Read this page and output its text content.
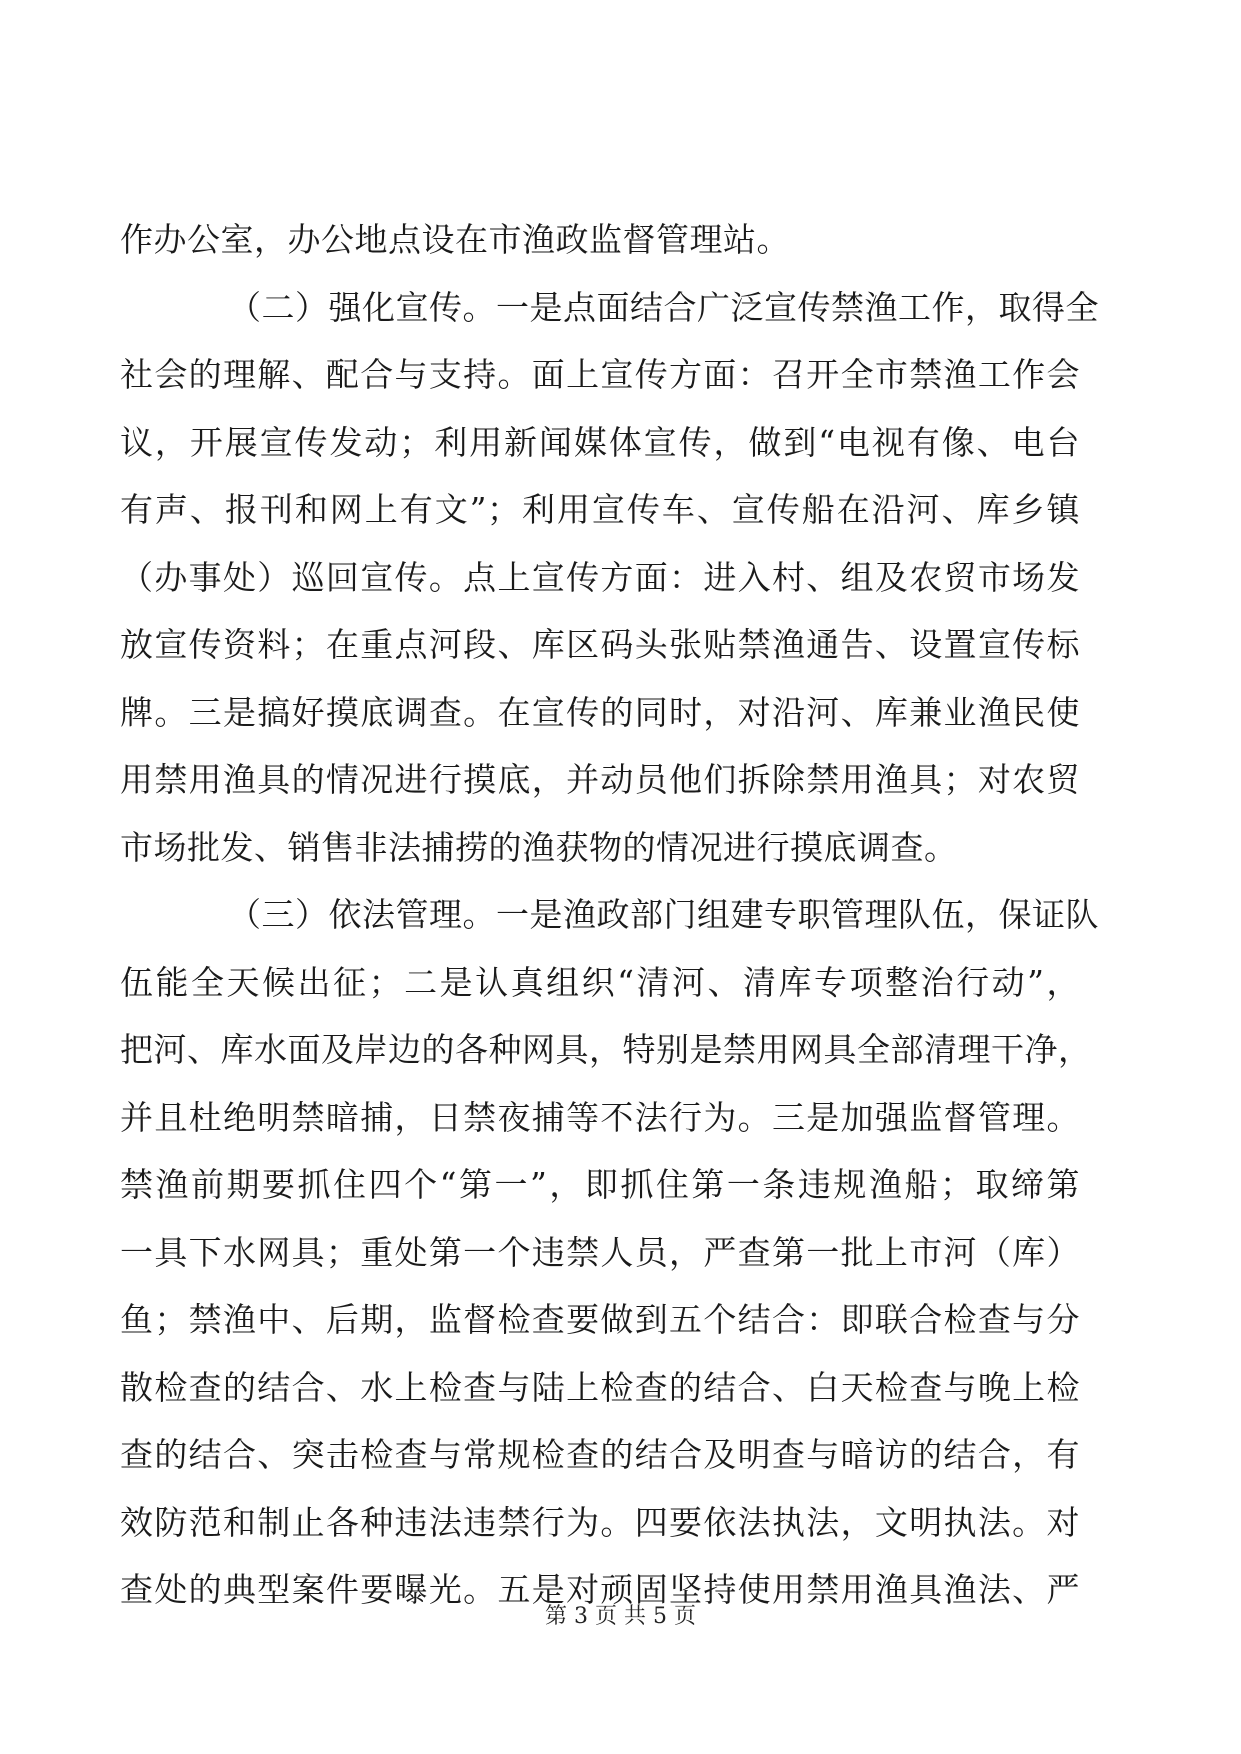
作办公室，办公地点设在市渔政监督管理站。
（二）强化宣传。一是点面结合广泛宣传禁渔工作，取得全
社会的理解、配合与支持。面上宣传方面：召开全市禁渔工作会
议，开展宣传发动；利用新闻媒体宣传，做到“电视有像、电台
有声、报刊和网上有文”；利用宣传车、宣传船在沿河、库乡镇
（办事处）巡回宣传。点上宣传方面：进入村、组及农贸市场发
放宣传资料；在重点河段、库区码头张贴禁渔通告、设置宣传标
牌。三是搞好摸底调查。在宣传的同时，对沿河、库兼业渔民使
用禁用渔具的情况进行摸底，并动员他们拆除禁用渔具；对农贸
市场批发、销售非法捕捞的渔获物的情况进行摸底调查。
（三）依法管理。一是渔政部门组建专职管理队伍，保证队
伍能全天候出征；二是认真组织“清河、清库专项整治行动”，
把河、库水面及岸边的各种网具，特别是禁用网具全部清理干净，
并且杜绝明禁暗捕，日禁夜捕等不法行为。三是加强监督管理。
禁渔前期要抓住四个“第一”，即抓住第一条违规渔船；取缔第
一具下水网具；重处第一个违禁人员，严查第一批上市河（库）
鱼；禁渔中、后期，监督检查要做到五个结合：即联合检查与分
散检查的结合、水上检查与陆上检查的结合、白天检查与晚上检
查的结合、突击检查与常规检查的结合及明查与暗访的结合，有
效防范和制止各种违法违禁行为。四要依法执法，文明执法。对
查处的典型案件要曝光。五是对顽固坚持使用禁用渔具渔法、严
第 3 页 共 5 页
